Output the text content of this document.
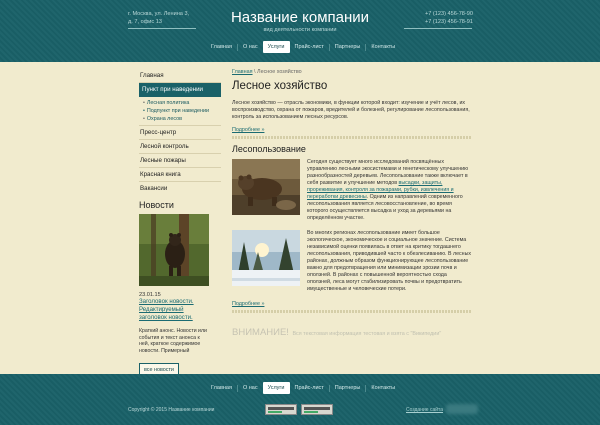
г. Москва, ул. Ленина 3,
д. 7, офис 13	Название компании
вид деятельности компании
+7 (123) 456-78-90
+7 (123) 456-78-91
Главная	О нас	Услуги	Прайс-лист	Партнеры	Контакты
Главная
Пункт при наведении
• Лесная политика
• Подпункт при наведении
• Охрана лесов
Пресс-центр
Лесной контроль
Лесные пожары
Красная книга
Вакансии
Новости
23.01.15
Заголовок новости. Редактируемый заголовок новости.
Краткий анонс. Новости или события и текст анонса к ней, краткое содержимое новости. Примерный
все новости
Главная \ Лесное хозяйство
Лесное хозяйство
Лесное хозяйство — отрасль экономики, в функции которой входит: изучение и учёт лесов, их воспроизводство, охрана от пожаров, вредителей и болезней, регулирование лесопользования, контроль за использованием лесных ресурсов.
Подробнее »
Лесопользование
Сегодня существует много исследований посвящённых управлению лесными экосистемами и генетическому улучшению разнообразностей деревьев. Лесопользование также включает в себя развитие и улучшение методов высадки, защиты, прореживания, контроля за пожарами, рубки, извлечения и переработки древесины. Одним из направлений современного лесопользования является лесовосстановление, во время которого осуществляется высадка и уход за деревьями на определённом участке.
Во многих регионах лесопользование имеет большое экологическое, экономическое и социальное значение. Система независимой оценки появилась в ответ на критику тогдашнего лесопользования, приводившей часто к обезлесиванию. В лесных районах, должным образом функционирующее лесопользование важно для предотвращения или минимизации эрозии почв и оползней. В районах с повышенной вероятностью схода оползней, леса могут стабилизировать почвы и предотвратить имущественные и человеческие потери.
Подробнее »
ВНИМАНИЕ! Вся текстовая информация тестовая и взята с "Википедии"
Главная	О нас	Услуги	Прайс-лист	Партнеры	Контакты
Copyright © 2015 Название компании	Создание сайта
